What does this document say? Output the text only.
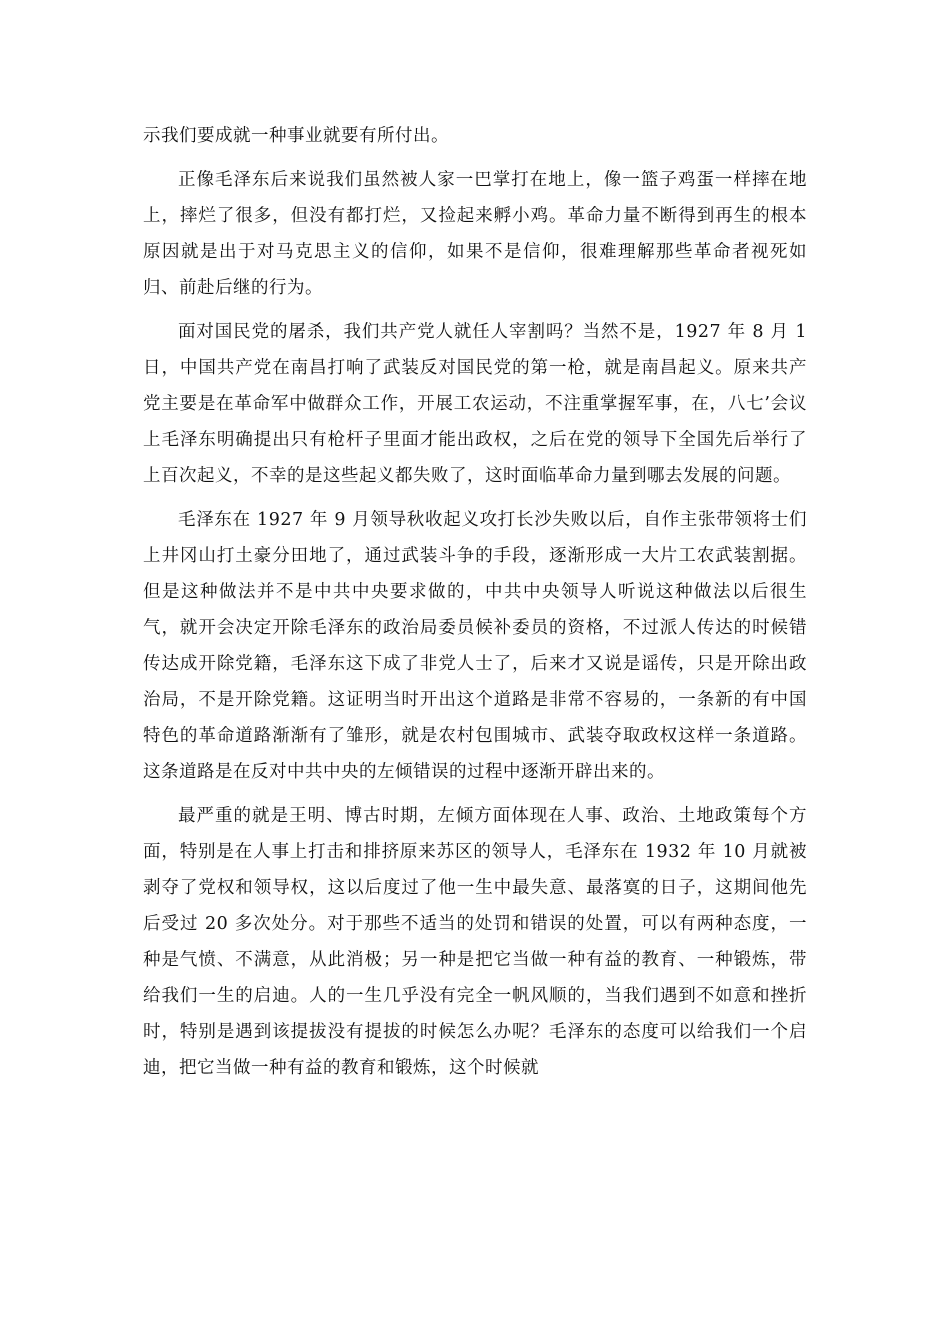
示我们要成就一种事业就要有所付出。

正像毛泽东后来说我们虽然被人家一巴掌打在地上，像一篮子鸡蛋一样摔在地上，摔烂了很多，但没有都打烂，又捡起来孵小鸡。革命力量不断得到再生的根本原因就是出于对马克思主义的信仰，如果不是信仰，很难理解那些革命者视死如归、前赴后继的行为。

面对国民党的屠杀，我们共产党人就任人宰割吗？当然不是，1927 年 8 月 1 日，中国共产党在南昌打响了武装反对国民党的第一枪，就是南昌起义。原来共产党主要是在革命军中做群众工作，开展工农运动，不注重掌握军事，在，八七’会议上毛泽东明确提出只有枪杆子里面才能出政权，之后在党的领导下全国先后举行了上百次起义，不幸的是这些起义都失败了，这时面临革命力量到哪去发展的问题。

毛泽东在 1927 年 9 月领导秋收起义攻打长沙失败以后，自作主张带领将士们上井冈山打土豪分田地了，通过武装斗争的手段，逐渐形成一大片工农武装割据。但是这种做法并不是中共中央要求做的，中共中央领导人听说这种做法以后很生气，就开会决定开除毛泽东的政治局委员候补委员的资格，不过派人传达的时候错传达成开除党籍，毛泽东这下成了非党人士了，后来才又说是谣传，只是开除出政治局，不是开除党籍。这证明当时开出这个道路是非常不容易的，一条新的有中国特色的革命道路渐渐有了雏形，就是农村包围城市、武装夺取政权这样一条道路。这条道路是在反对中共中央的左倾错误的过程中逐渐开辟出来的。

最严重的就是王明、博古时期，左倾方面体现在人事、政治、土地政策每个方面，特别是在人事上打击和排挤原来苏区的领导人，毛泽东在 1932 年 10 月就被剥夺了党权和领导权，这以后度过了他一生中最失意、最落寞的日子，这期间他先后受过 20 多次处分。对于那些不适当的处罚和错误的处置，可以有两种态度，一种是气愤、不满意，从此消极；另一种是把它当做一种有益的教育、一种锻炼，带给我们一生的启迪。人的一生几乎没有完全一帆风顺的，当我们遇到不如意和挫折时，特别是遇到该提拔没有提拔的时候怎么办呢？毛泽东的态度可以给我们一个启迪，把它当做一种有益的教育和锻炼，这个时候就
